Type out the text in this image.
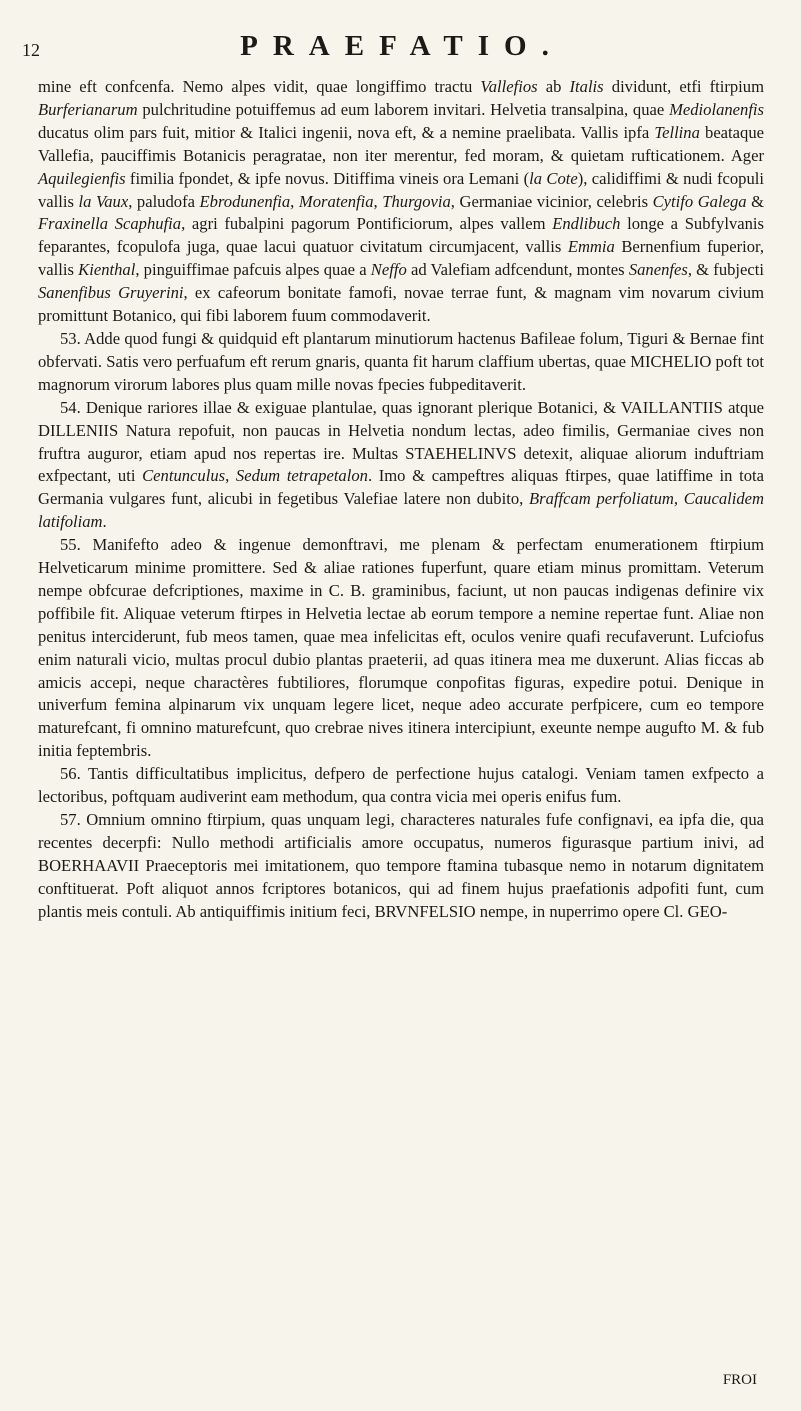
12	PRAEFATIO.

mine eft confcenfa. Nemo alpes vidit, quae longiffimo tractu Vallefios ab Italis dividunt, etfi ftirpium Burferianarum pulchritudine potuiffemus ad eum laborem invitari. Helvetia transalpina, quae Mediolanenfis ducatus olim pars fuit, mitior & Italici ingenii, nova eft, & a nemine praelibata. Vallis ipfa Tellina beataque Vallefia, pauciffimis Botanicis peragratae, non iter merentur, fed moram, & quietam rufticationem. Ager Aquilegienfis fimilia fpondet, & ipfe novus. Ditiffima vineis ora Lemani (la Cote), calidiffimi & nudi fcopuli vallis la Vaux, paludofa Ebrodunenfia, Moratenfia, Thurgovia, Germaniae vicinior, celebris Cytifo Galega & Fraxinella Scaphufia, agri fubalpini pagorum Pontificiorum, alpes vallem Endlibuch longe a Subfylvanis feparantes, fcopulofa juga, quae lacui quatuor civitatum circumjacent, vallis Emmia Bernenfium fuperior, vallis Kienthal, pinguiffimae pafcuis alpes quae a Neffo ad Valefiam adfcendunt, montes Sanenfes, & fubjecti Sanenfibus Gruyerini, ex cafeorum bonitate famofi, novae terrae funt, & magnam vim novarum civium promittunt Botanico, qui fibi laborem fuum commodaverit.

53. Adde quod fungi & quidquid eft plantarum minutiorum hactenus Bafileae folum, Tiguri & Bernae fint obfervati. Satis vero perfuafum eft rerum gnaris, quanta fit harum claffium ubertas, quae MICHELIO poft tot magnorum virorum labores plus quam mille novas fpecies fubpeditaverit.

54. Denique rariores illae & exiguae plantulae, quas ignorant plerique Botanici, & VAILLANTIIS atque DILLENIIS Natura repofuit, non paucas in Helvetia nondum lectas, adeo fimilis, Germaniae cives non fruftra auguror, etiam apud nos repertas ire. Multas STAEHELINVS detexit, aliquae aliorum induftriam exfpectant, uti Centunculus, Sedum tetrapetalon. Imo & campeftres aliquas ftirpes, quae latiffime in tota Germania vulgares funt, alicubi in fegetibus Valefiae latere non dubito, Braffcam perfoliatum, Caucalidem latifoliam.

55. Manifefto adeo & ingenue demonftravi, me plenam & perfectam enumerationem ftirpium Helveticarum minime promittere. Sed & aliae rationes fuperfunt, quare etiam minus promittam. Veterum nempe obfcurae defcriptiones, maxime in C. B. graminibus, faciunt, ut non paucas indigenas definire vix poffibile fit. Aliquae veterum ftirpes in Helvetia lectae ab eorum tempore a nemine repertae funt. Aliae non penitus interciderunt, fub meos tamen, quae mea infelicitas eft, oculos venire quafi recufaverunt. Lufciofus enim naturali vicio, multas procul dubio plantas praeterii, ad quas itinera mea me duxerunt. Alias ficcas ab amicis accepi, neque charactères fubtiliores, florumque conpofitas figuras, expedire potui. Denique in univerfum femina alpinarum vix unquam legere licet, neque adeo accurate perfpicere, cum eo tempore maturefcant, fi omnino maturefcunt, quo crebrae nives itinera intercipiunt, exeunte nempe augufto M. & fub initia feptembris.

56. Tantis difficultatibus implicitus, defpero de perfectione hujus catalogi. Veniam tamen exfpecto a lectoribus, poftquam audiverint eam methodum, qua contra vicia mei operis enifus fum.

57. Omnium omnino ftirpium, quas unquam legi, characteres naturales fufe confignavi, ea ipfa die, qua recentes decerpfi: Nullo methodi artificialis amore occupatus, numeros figurasque partium inivi, ad BOERHAAVII Praeceptoris mei imitationem, quo tempore ftamina tubasque nemo in notarum dignitatem conftituerat. Poft aliquot annos fcriptores botanicos, qui ad finem hujus praefationis adpofiti funt, cum plantis meis contuli. Ab antiquiffimis initium feci, BRVNFELSIO nempe, in nuperrimo opere Cl. GEO-

FROI
